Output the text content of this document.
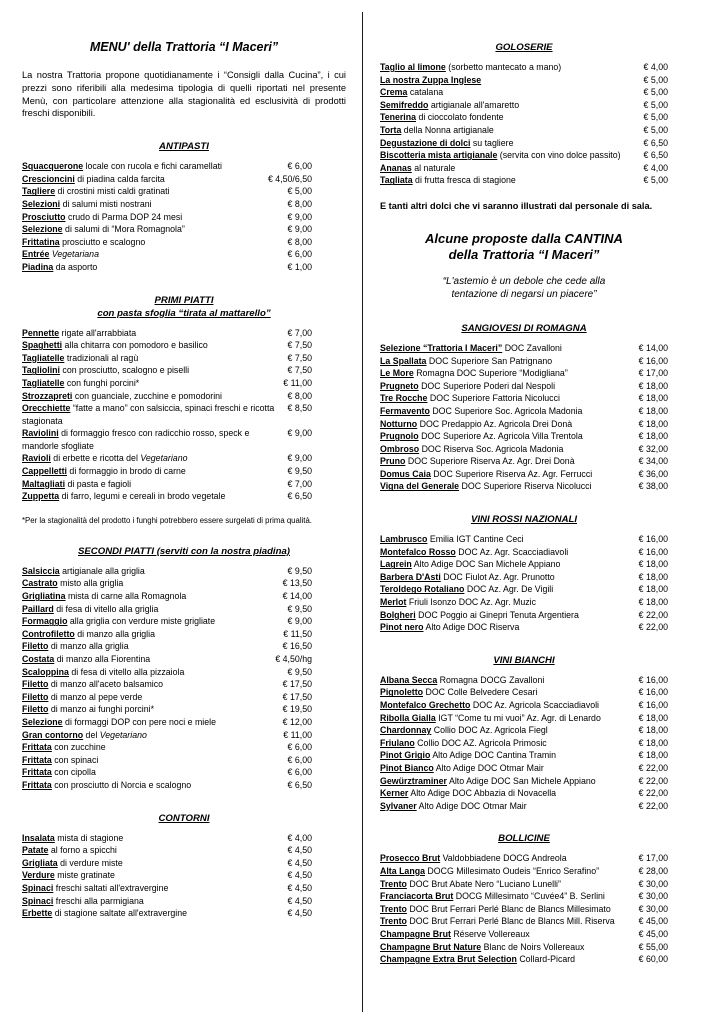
MENU' della Trattoria “I Maceri”
La nostra Trattoria propone quotidianamente i “Consigli dalla Cucina”, i cui prezzi sono riferibili alla medesima tipologia di quelli riportati nel presente Menù, con particolare attenzione alla stagionalità ed esclusività di prodotti freschi disponibili.
ANTIPASTI
Squacquerone locale con rucola e fichi caramellati	€ 6,00
Crescioncini di piadina calda farcita	€ 4,50/6,50
Tagliere di crostini misti caldi gratinati	€ 5,00
Selezioni di salumi misti nostrani	€ 8,00
Prosciutto crudo di Parma DOP 24 mesi	€ 9,00
Selezione di salumi di “Mora Romagnola”	€ 9,00
Frittatina prosciutto e scalogno	€ 8,00
Entrée Vegetariana	€ 6,00
Piadina da asporto	€ 1,00
PRIMI PIATTI
con pasta sfoglia “tirata al mattarello”
Pennette rigate all'arrabbiata	€ 7,00
Spaghetti alla chitarra con pomodoro e basilico	€ 7,50
Tagliatelle tradizionali al ragù	€ 7,50
Tagliolini con prosciutto, scalogno e piselli	€ 7,50
Tagliatelle con funghi porcini*	€ 11,00
Strozzapreti con guanciale, zucchine e pomodorini	€ 8,00
Orecchiette “fatte a mano” con salsiccia, spinaci freschi e ricotta stagionata
€ 8,50
Raviolini di formaggio fresco con radicchio rosso, speck e mandorle sfogliate
€ 9,00
Ravioli di erbette e ricotta del Vegetariano	€ 9,00
Cappelletti di formaggio in brodo di carne	€ 9,50
Maltagliati di pasta e fagioli	€ 7,00
Zuppetta di farro, legumi e cereali in brodo vegetale	€ 6,50
*Per la stagionalità del prodotto i funghi potrebbero essere surgelati di prima qualità.
SECONDI PIATTI (serviti con la nostra piadina)
Salsiccia artigianale alla griglia	€ 9,50
Castrato misto alla griglia	€ 13,50
Grigliatina mista di carne alla Romagnola	€ 14,00
Paillard di fesa di vitello alla griglia	€ 9,50
Formaggio alla griglia con verdure miste grigliate	€ 9,00
Controfiletto di manzo alla griglia	€ 11,50
Filetto di manzo alla griglia	€ 16,50
Costata di manzo alla Fiorentina	€ 4,50/hg
Scaloppina di fesa di vitello alla pizzaiola	€ 9,50
Filetto di manzo all'aceto balsamico	€ 17,50
Filetto di manzo al pepe verde	€ 17,50
Filetto di manzo ai funghi porcini*	€ 19,50
Selezione di formaggi DOP con pere noci e miele	€ 12,00
Gran contorno del Vegetariano	€ 11,00
Frittata con zucchine	€ 6,00
Frittata con spinaci	€ 6,00
Frittata con cipolla	€ 6,00
Frittata con prosciutto di Norcia e scalogno	€ 6,50
CONTORNI
Insalata mista di stagione	€ 4,00
Patate al forno a spicchi	€ 4,50
Grigliata di verdure miste	€ 4,50
Verdure miste gratinate	€ 4,50
Spinaci freschi saltati all'extravergine	€ 4,50
Spinaci freschi alla parmigiana	€ 4,50
Erbette di stagione saltate all'extravergine	€ 4,50
GOLOSERIE
Taglio al limone (sorbetto mantecato a mano)	€ 4,00
La nostra Zuppa Inglese	€ 5,00
Crema catalana	€ 5,00
Semifreddo artigianale all'amaretto	€ 5,00
Tenerina di cioccolato fondente	€ 5,00
Torta della Nonna artigianale	€ 5,00
Degustazione di dolci su tagliere	€ 6,50
Biscotteria mista artigianale (servita con vino dolce passito)	€ 6,50
Ananas al naturale	€ 4,00
Tagliata di frutta fresca di stagione	€ 5,00
E tanti altri dolci che vi saranno illustrati dal personale di sala.
Alcune proposte dalla CANTINA
della Trattoria “I Maceri”
“L'astemio è un debole che cede alla
tentazione di negarsi un piacere”
SANGIOVESI DI ROMAGNA
Selezione “Trattoria I Maceri” DOC Zavalloni	€ 14,00
La Spallata DOC Superiore San Patrignano	€ 16,00
Le More Romagna DOC Superiore “Modigliana”	€ 17,00
Prugneto DOC Superiore Poderi dal Nespoli	€ 18,00
Tre Rocche DOC Superiore Fattoria Nicolucci	€ 18,00
Fermavento DOC Superiore Soc. Agricola Madonia	€ 18,00
Notturno DOC Predappio Az. Agricola Drei Donà	€ 18,00
Prugnolo DOC Superiore Az. Agricola Villa Trentola	€ 18,00
Ombroso DOC Riserva Soc. Agricola Madonia	€ 32,00
Pruno DOC Superiore Riserva Az. Agr. Drei Donà	€ 34,00
Domus Caia DOC Superiore Riserva Az. Agr. Ferrucci	€ 36,00
Vigna del Generale DOC Superiore Riserva Nicolucci	€ 38,00
VINI ROSSI NAZIONALI
Lambrusco Emilia IGT Cantine Ceci	€ 16,00
Montefalco Rosso DOC Az. Agr. Scacciadiavoli	€ 16,00
Lagrein Alto Adige DOC San Michele Appiano	€ 18,00
Barbera D'Asti DOC Fiulot Az. Agr. Prunotto	€ 18,00
Teroldego Rotaliano DOC Az. Agr. De Vigili	€ 18,00
Merlot Friuli Isonzo DOC Az. Agr. Muzic	€ 18,00
Bolgheri DOC Poggio ai Ginepri Tenuta Argentiera	€ 22,00
Pinot nero Alto Adige DOC Riserva	€ 22,00
VINI BIANCHI
Albana Secca Romagna DOCG Zavalloni	€ 16,00
Pignoletto DOC Colle Belvedere Cesari	€ 16,00
Montefalco Grechetto DOC Az. Agricola Scacciadiavoli	€ 16,00
Ribolla Gialla IGT “Come tu mi vuoi” Az. Agr. di Lenardo	€ 18,00
Chardonnay Collio DOC Az. Agricola Fiegl	€ 18,00
Friulano Collio DOC AZ. Agricola Primosic	€ 18,00
Pinot Grigio Alto Adige DOC Cantina Tramin	€ 18,00
Pinot Bianco Alto Adige DOC Otmar Mair	€ 22,00
Gewürztraminer Alto Adige DOC San Michele Appiano	€ 22,00
Kerner Alto Adige DOC Abbazia di Novacella	€ 22,00
Sylvaner Alto Adige DOC Otmar Mair	€ 22,00
BOLLICINE
Prosecco Brut Valdobbiadene DOCG Andreola	€ 17,00
Alta Langa DOCG Millesimato Oudeis “Enrico Serafino”	€ 28,00
Trento DOC Brut Abate Nero “Luciano Lunelli”	€ 30,00
Franciacorta Brut DOCG Millesimato “Cuvée4” B. Serlini	€ 30,00
Trento DOC Brut Ferrari Perlé Blanc de Blancs Millesimato	€ 30,00
Trento DOC Brut Ferrari Perlé Blanc de Blancs Mill. Riserva	€ 45,00
Champagne Brut Réserve Vollereaux	€ 45,00
Champagne Brut Nature Blanc de Noirs Vollereaux	€ 55,00
Champagne Extra Brut Selection Collard-Picard	€ 60,00
